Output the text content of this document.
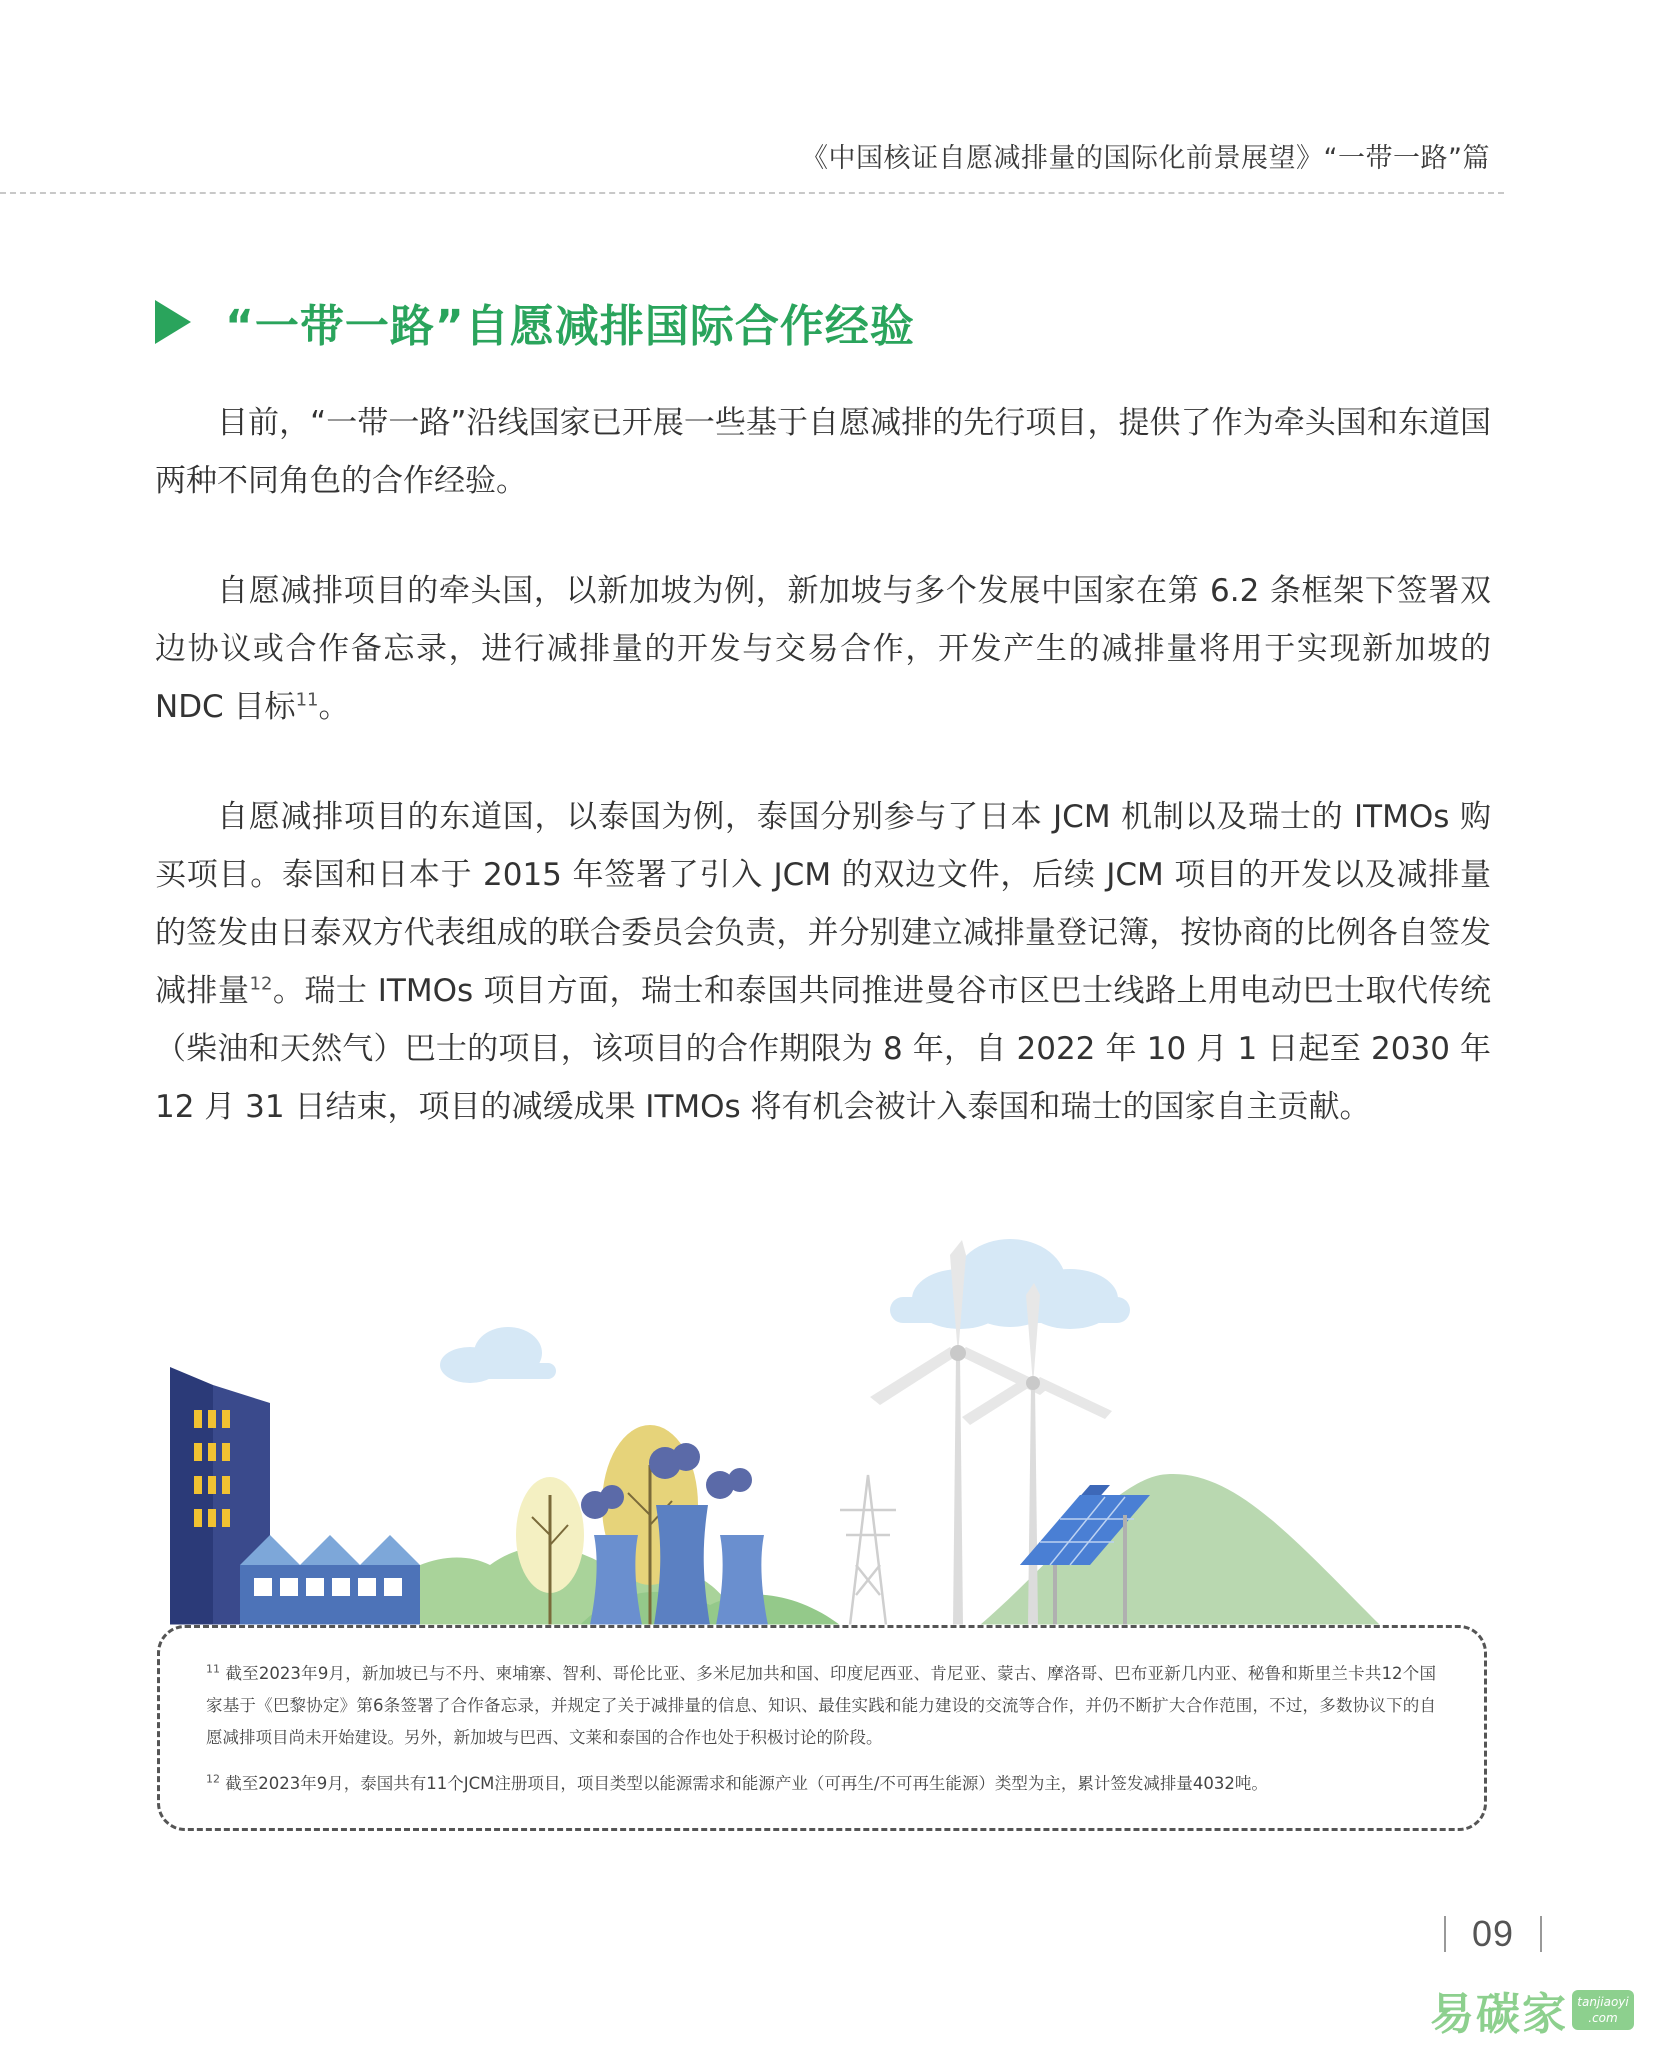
《中国核证自愿减排量的国际化前景展望》“一带一路”篇
“一带一路”自愿减排国际合作经验

目前，“一带一路”沿线国家已开展一些基于自愿减排的先行项目，提供了作为牵头国和东道国两种不同角色的合作经验。

自愿减排项目的牵头国，以新加坡为例，新加坡与多个发展中国家在第 6.2 条框架下签署双边协议或合作备忘录，进行减排量的开发与交易合作，开发产生的减排量将用于实现新加坡的 NDC 目标$^{11}$。

自愿减排项目的东道国，以泰国为例，泰国分别参与了日本 JCM 机制以及瑞士的 ITMOs 购买项目。泰国和日本于 2015 年签署了引入 JCM 的双边文件，后续 JCM 项目的开发以及减排量的签发由日泰双方代表组成的联合委员会负责，并分别建立减排量登记簿，按协商的比例各自签发减排量$^{12}$。瑞士 ITMOs 项目方面，瑞士和泰国共同推进曼谷市区巴士线路上用电动巴士取代传统（柴油和天然气）巴士的项目，该项目的合作期限为 8 年，自 2022 年 10 月 1 日起至 2030 年 12 月 31 日结束，项目的减缓成果 ITMOs 将有机会被计入泰国和瑞士的国家自主贡献。

$^{11}$ 截至2023年9月，新加坡已与不丹、柬埔寨、智利、哥伦比亚、多米尼加共和国、印度尼西亚、肯尼亚、蒙古、摩洛哥、巴布亚新几内亚、秘鲁和斯里兰卡共12个国家基于《巴黎协定》第6条签署了合作备忘录，并规定了关于减排量的信息、知识、最佳实践和能力建设的交流等合作，并仍不断扩大合作范围，不过，多数协议下的自愿减排项目尚未开始建设。另外，新加坡与巴西、文莱和泰国的合作也处于积极讨论的阶段。

$^{12}$ 截至2023年9月，泰国共有11个JCM注册项目，项目类型以能源需求和能源产业（可再生/不可再生能源）类型为主，累计签发减排量4032吨。

09
易碳家 tanjiaoyi
.com
